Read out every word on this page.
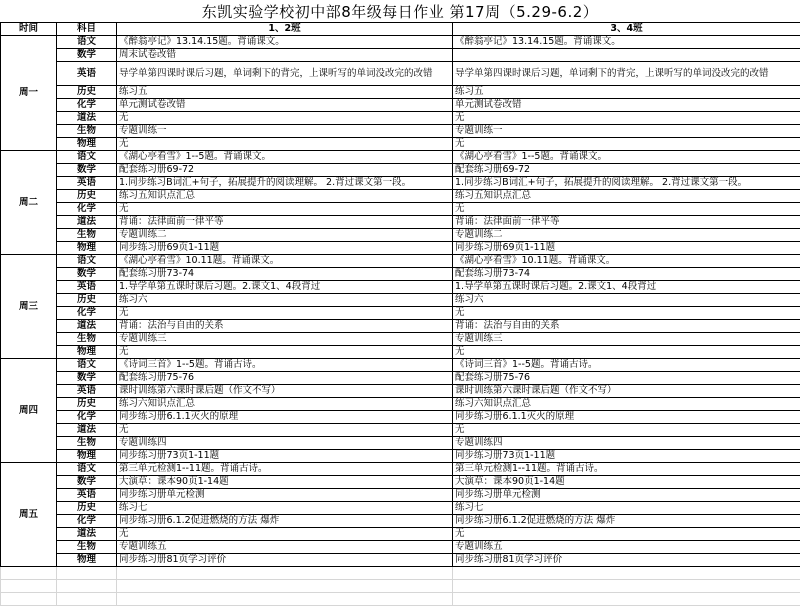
东凯实验学校初中部8年级每日作业 第17周（5.29-6.2）
时间	科目	1、2班	3、4班
周一	语文	《醉翁亭记》13.14.15题。背诵课文。	《醉翁亭记》13.14.15题。背诵课文。
	数学	周末试卷改错	
	英语	导学单第四课时课后习题，单词剩下的背完，上课听写的单词没改完的改错	导学单第四课时课后习题，单词剩下的背完，上课听写的单词没改完的改错
	历史	练习五	练习五
	化学	单元测试卷改错	单元测试卷改错
	道法	无	无
	生物	专题训练一	专题训练一
	物理	无	无
周二	语文	《湖心亭看雪》1--5题。背诵课文。	《湖心亭看雪》1--5题。背诵课文。
	数学	配套练习册69-72	配套练习册69-72
	英语	1.同步练习B词汇+句子，拓展提升的阅读理解。 2.背过课文第一段。	1.同步练习B词汇+句子，拓展提升的阅读理解。 2.背过课文第一段。
	历史	练习五知识点汇总	练习五知识点汇总
	化学	无	无
	道法	背诵：法律面前一律平等	背诵：法律面前一律平等
	生物	专题训练二	专题训练二
	物理	同步练习册69页1-11题	同步练习册69页1-11题
周三	语文	《湖心亭看雪》10.11题。背诵课文。	《湖心亭看雪》10.11题。背诵课文。
	数学	配套练习册73-74	配套练习册73-74
	英语	1.导学单第五课时课后习题。2.课文1、4段背过	1.导学单第五课时课后习题。2.课文1、4段背过
	历史	练习六	练习六
	化学	无	无
	道法	背诵：法治与自由的关系	背诵：法治与自由的关系
	生物	专题训练三	专题训练三
	物理	无	无
周四	语文	《诗词三首》1--5题。背诵古诗。	《诗词三首》1--5题。背诵古诗。
	数学	配套练习册75-76	配套练习册75-76
	英语	课时训练第六课时课后题（作文不写）	课时训练第六课时课后题（作文不写）
	历史	练习六知识点汇总	练习六知识点汇总
	化学	同步练习册6.1.1灭火的原理	同步练习册6.1.1灭火的原理
	道法	无	无
	生物	专题训练四	专题训练四
	物理	同步练习册73页1-11题	同步练习册73页1-11题
周五	语文	第三单元检测1--11题。背诵古诗。	第三单元检测1--11题。背诵古诗。
	数学	大演草：课本90页1-14题	大演草：课本90页1-14题
	英语	同步练习册单元检测	同步练习册单元检测
	历史	练习七	练习七
	化学	同步练习册6.1.2促进燃烧的方法 爆炸	同步练习册6.1.2促进燃烧的方法 爆炸
	道法	无	无
	生物	专题训练五	专题训练五
	物理	同步练习册81页学习评价	同步练习册81页学习评价
